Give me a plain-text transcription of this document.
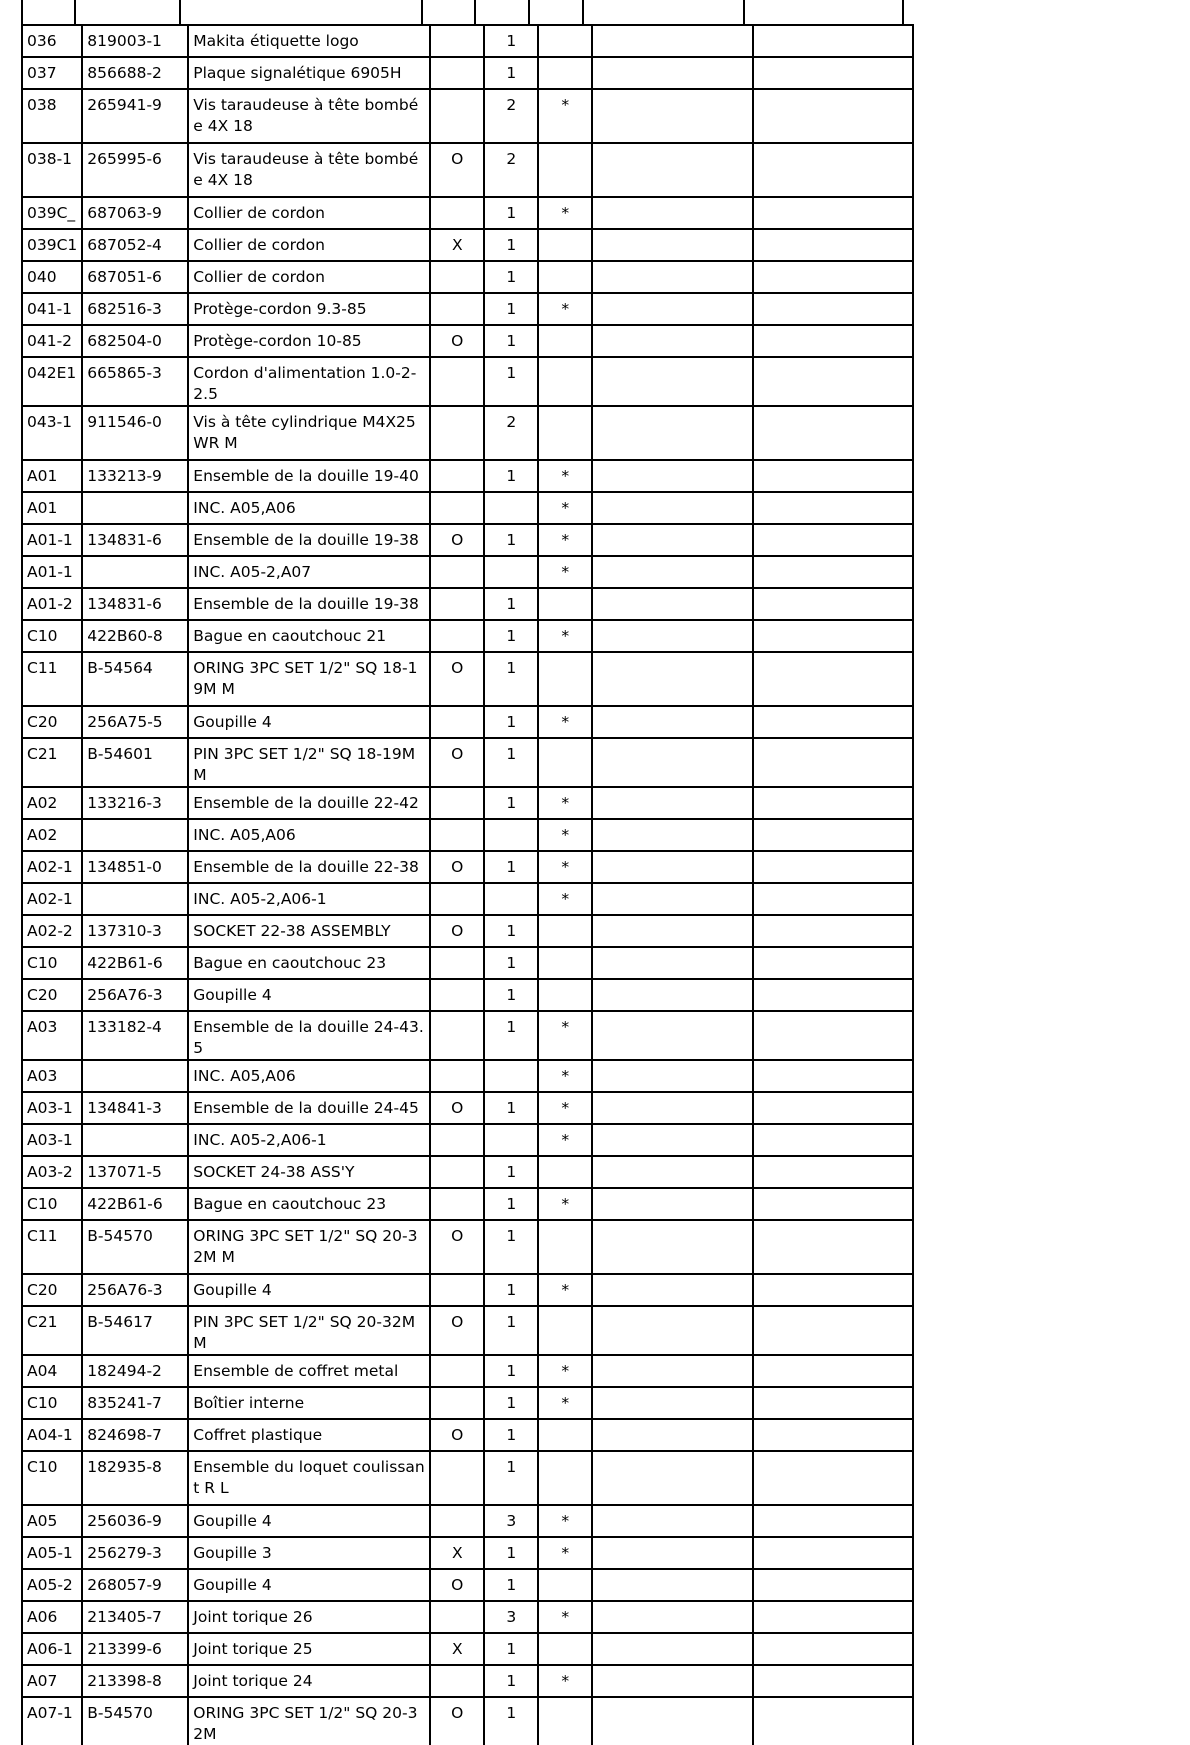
036	819003-1	Makita étiquette logo		1			
037	856688-2	Plaque signalétique 6905H		1			
038	265941-9	Vis taraudeuse à tête bombée 4X 18		2	*		
038-1	265995-6	Vis taraudeuse à tête bombée 4X 18	O	2			
039C_	687063-9	Collier de cordon		1	*		
039C1	687052-4	Collier de cordon	X	1			
040	687051-6	Collier de cordon		1			
041-1	682516-3	Protège-cordon 9.3-85		1	*		
041-2	682504-0	Protège-cordon 10-85	O	1			
042E1	665865-3	Cordon d'alimentation 1.0-2-2.5		1			
043-1	911546-0	Vis à tête cylindrique M4X25 WR M		2			
A01	133213-9	Ensemble de la douille 19-40		1	*		
A01		INC. A05,A06			*		
A01-1	134831-6	Ensemble de la douille 19-38	O	1	*		
A01-1		INC. A05-2,A07			*		
A01-2	134831-6	Ensemble de la douille 19-38		1			
C10	422B60-8	Bague en caoutchouc 21		1	*		
C11	B-54564	ORING 3PC SET 1/2" SQ 18-19M M	O	1			
C20	256A75-5	Goupille 4		1	*		
C21	B-54601	PIN 3PC SET 1/2" SQ 18-19MM	O	1			
A02	133216-3	Ensemble de la douille 22-42		1	*		
A02		INC. A05,A06			*		
A02-1	134851-0	Ensemble de la douille 22-38	O	1	*		
A02-1		INC. A05-2,A06-1			*		
A02-2	137310-3	SOCKET 22-38 ASSEMBLY	O	1			
C10	422B61-6	Bague en caoutchouc 23		1			
C20	256A76-3	Goupille 4		1			
A03	133182-4	Ensemble de la douille 24-43.5		1	*		
A03		INC. A05,A06			*		
A03-1	134841-3	Ensemble de la douille 24-45	O	1	*		
A03-1		INC. A05-2,A06-1			*		
A03-2	137071-5	SOCKET 24-38 ASS'Y		1			
C10	422B61-6	Bague en caoutchouc 23		1	*		
C11	B-54570	ORING 3PC SET 1/2" SQ 20-32M M	O	1			
C20	256A76-3	Goupille 4		1	*		
C21	B-54617	PIN 3PC SET 1/2" SQ 20-32MM	O	1			
A04	182494-2	Ensemble de coffret metal		1	*		
C10	835241-7	Boîtier interne		1	*		
A04-1	824698-7	Coffret plastique	O	1			
C10	182935-8	Ensemble du loquet coulissant R L		1			
A05	256036-9	Goupille 4		3	*		
A05-1	256279-3	Goupille 3	X	1	*		
A05-2	268057-9	Goupille 4	O	1			
A06	213405-7	Joint torique 26		3	*		
A06-1	213399-6	Joint torique 25	X	1			
A07	213398-8	Joint torique 24		1	*		
A07-1	B-54570	ORING 3PC SET 1/2" SQ 20-32M	O	1			
